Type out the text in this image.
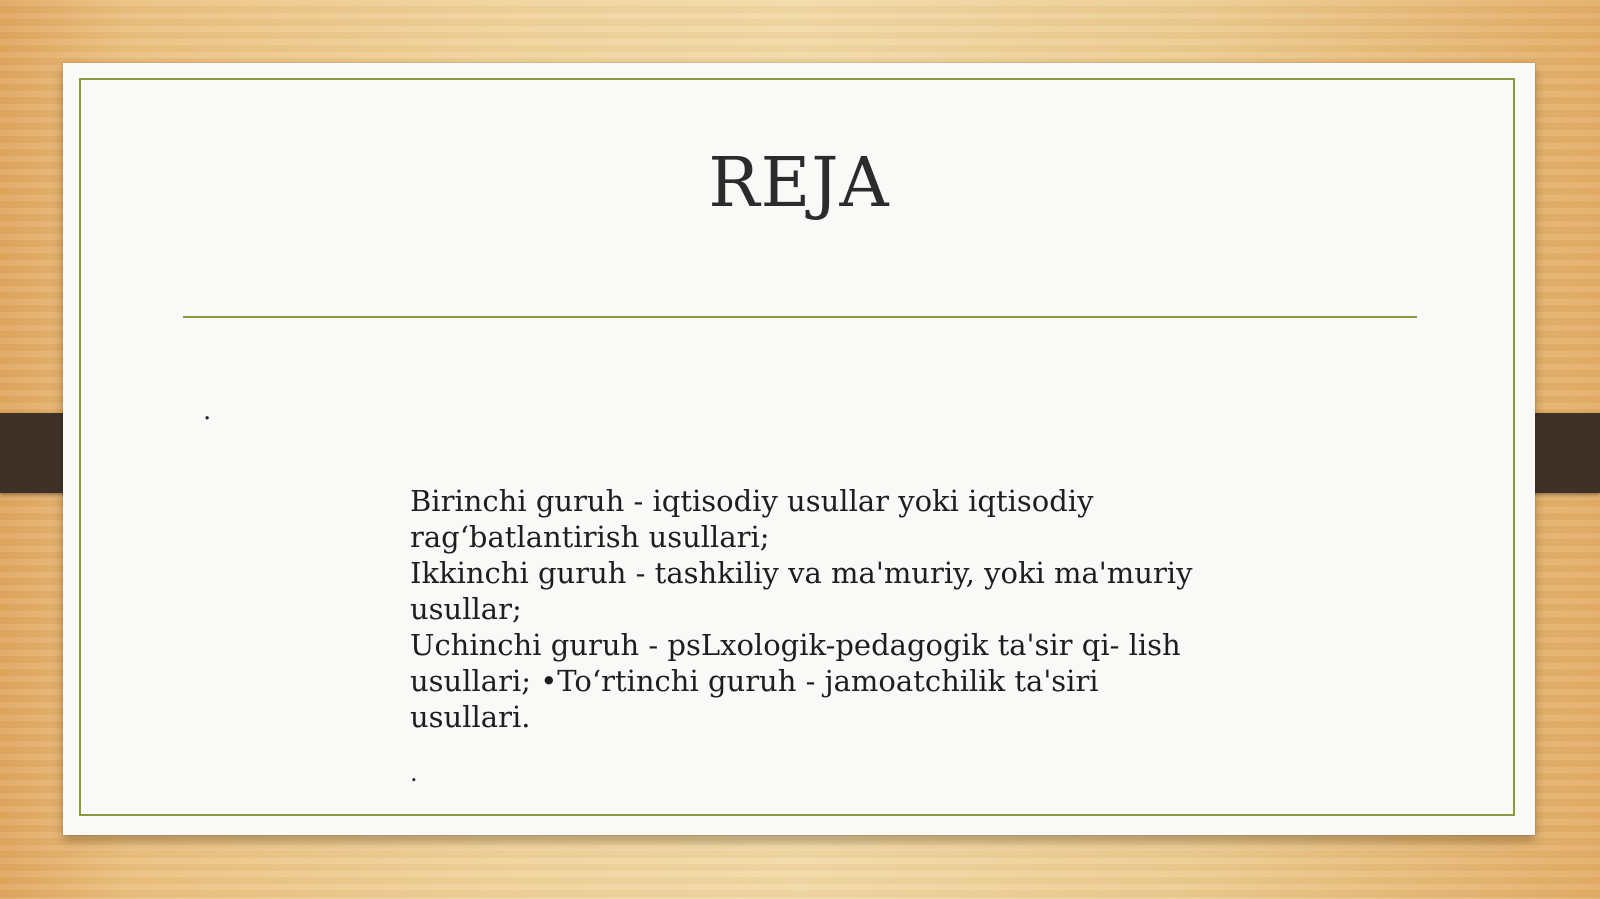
REJA
.
Birinchi guruh - iqtisodiy usullar yoki iqtisodiy
rag‘batlantirish usullari;
Ikkinchi guruh - tashkiliy va ma'muriy, yoki ma'muriy
usullar;
Uchinchi guruh - psLxologik-pedagogik ta'sir qi- lish
usullari; •To‘rtinchi guruh - jamoatchilik ta'siri
usullari.
.
